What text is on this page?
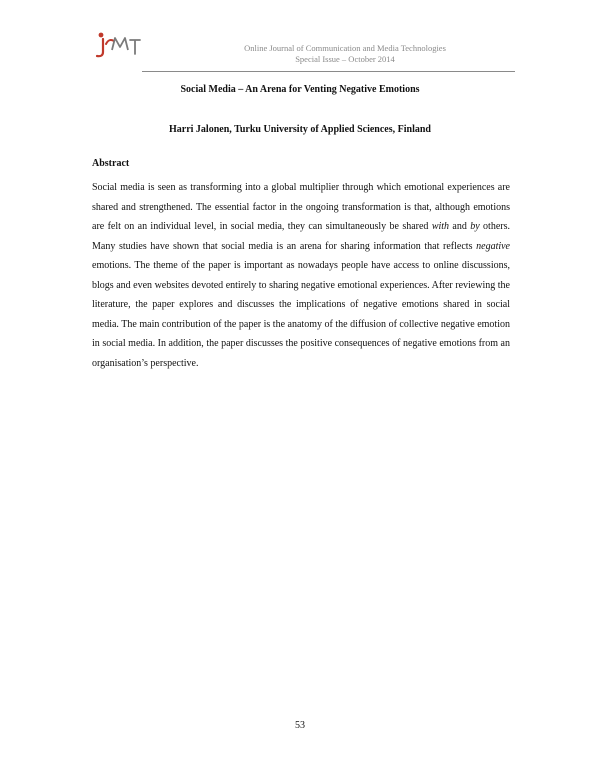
Online Journal of Communication and Media Technologies
Special Issue – October 2014
Social Media – An Arena for Venting Negative Emotions
Harri Jalonen, Turku University of Applied Sciences, Finland
Abstract

Social media is seen as transforming into a global multiplier through which emotional experiences are shared and strengthened. The essential factor in the ongoing transformation is that, although emotions are felt on an individual level, in social media, they can simultaneously be shared with and by others. Many studies have shown that social media is an arena for sharing information that reflects negative emotions. The theme of the paper is important as nowadays people have access to online discussions, blogs and even websites devoted entirely to sharing negative emotional experiences. After reviewing the literature, the paper explores and discusses the implications of negative emotions shared in social media. The main contribution of the paper is the anatomy of the diffusion of collective negative emotion in social media. In addition, the paper discusses the positive consequences of negative emotions from an organisation’s perspective.

53
